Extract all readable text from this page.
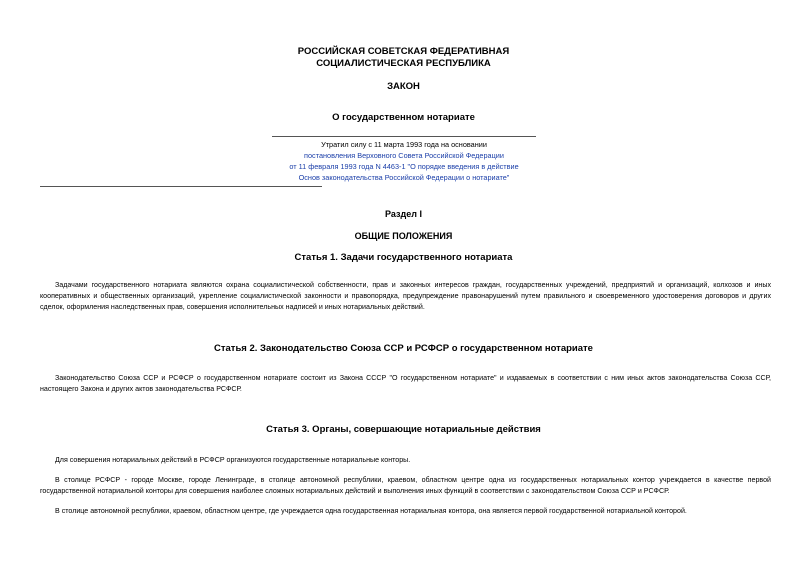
РОССИЙСКАЯ СОВЕТСКАЯ ФЕДЕРАТИВНАЯ
СОЦИАЛИСТИЧЕСКАЯ РЕСПУБЛИКА
ЗАКОН
О государственном нотариате
Утратил силу с 11 марта 1993 года на основании
постановления Верховного Совета Российской Федерации
от 11 февраля 1993 года N 4463-1 "О порядке введения в действие
Основ законодательства Российской Федерации о нотариате"
Раздел I
ОБЩИЕ ПОЛОЖЕНИЯ
Статья 1. Задачи государственного нотариата
Задачами государственного нотариата являются охрана социалистической собственности, прав и законных интересов граждан, государственных учреждений, предприятий и организаций, колхозов и иных кооперативных и общественных организаций, укрепление социалистической законности и правопорядка, предупреждение правонарушений путем правильного и своевременного удостоверения договоров и других сделок, оформления наследственных прав, совершения исполнительных надписей и иных нотариальных действий.
Статья 2. Законодательство Союза ССР и РСФСР о государственном нотариате
Законодательство Союза ССР и РСФСР о государственном нотариате состоит из Закона СССР "О государственном нотариате" и издаваемых в соответствии с ним иных актов законодательства Союза ССР, настоящего Закона и других актов законодательства РСФСР.
Статья 3. Органы, совершающие нотариальные действия
Для совершения нотариальных действий в РСФСР организуются государственные нотариальные конторы.
В столице РСФСР - городе Москве, городе Ленинграде, в столице автономной республики, краевом, областном центре одна из государственных нотариальных контор учреждается в качестве первой государственной нотариальной конторы для совершения наиболее сложных нотариальных действий и выполнения иных функций в соответствии с законодательством Союза ССР и РСФСР.
В столице автономной республики, краевом, областном центре, где учреждается одна государственная нотариальная контора, она является первой государственной нотариальной конторой.
